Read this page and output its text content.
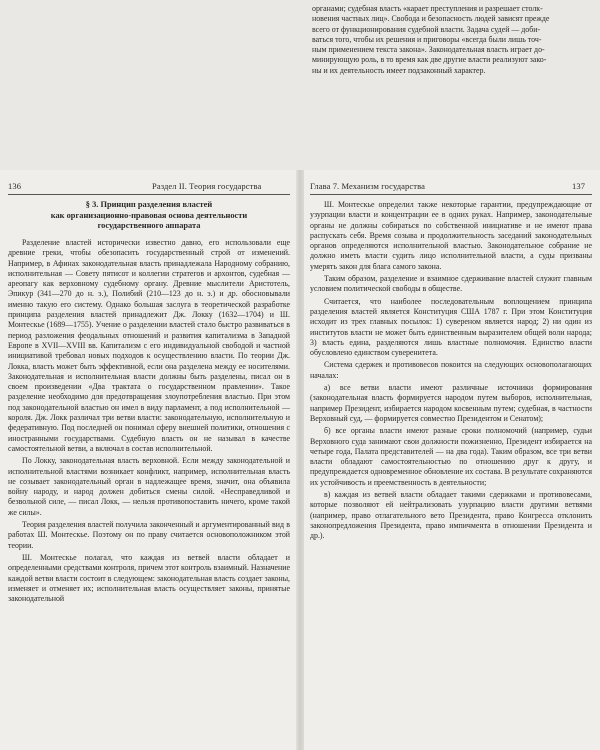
органами; судебная власть «карает преступления и разрешает столк-

новения частных лиц». Свобода и безопасность людей зависят прежде

всего от функционирования судебной власти. Задача судей — доби-

ваться того, чтобы их решения и приговоры «всегда были лишь точ-

ным применением текста закона». Законодательная власть играет до-

минирующую роль, в то время как две другие власти реализуют зако-

ны и их деятельность имеет подзаконный характер.

136	Раздел II. Теория государства
§ 3. Принцип разделения властей
как организационно-правовая основа деятельности
государственного аппарата

Разделение властей исторически известно давно, его использовали еще древние греки, чтобы обезопасить государственный строй от изменений. Например, в Афинах законодательная власть принадлежала Народному собранию, исполнительная — Совету пятисот и коллегии стратегов и архонтов, судебная — ареопагу как верховному судебному органу. Древние мыслители Аристотель, Эпикур (341—270 до н. э.), Полибий (210—123 до н. э.) и др. обосновывали именно такую его систему. Однако большая заслуга в теоретической разработке принципа разделения властей принадлежит Дж. Локку (1632—1704) и Ш. Монтескье (1689—1755). Учение о разделении властей стало быстро развиваться в период разложения феодальных отношений и развития капитализма в Западной Европе в XVII—XVIII вв. Капитализм с его индивидуальной свободой и частной инициативой требовал новых подходов к осуществлению власти. По теории Дж. Локка, власть может быть эффективной, если она разделена между ее носителями. Законодательная и исполнительная власти должны быть разделены, писал он в своем произведении «Два трактата о государственном правлении». Такое разделение необходимо для предотвращения злоупотребления властью. При этом под законодательной властью он имел в виду парламент, а под исполнительной — короля. Дж. Локк различал три ветви власти: законодательную, исполнительную и федеративную. Под последней он понимал сферу внешней политики, отношения с иностранными государствами. Судебную власть он не называл в качестве самостоятельной ветви, а включал в состав исполнительной.

По Локку, законодательная власть верховной. Если между законодательной и исполнительной властями возникает конфликт, например, исполнительная власть не созывает законодательный орган в надлежащее время, значит, она объявила войну народу, и народ должен добиться смены силой. «Несправедливой и безвольной силе, — писал Локк, — нельзя противопоставить ничего, кроме такой же силы».

Теория разделения властей получила законченный и аргументированный вид в работах Ш. Монтескье. Поэтому он по праву считается основоположником этой теории.

Ш. Монтескье полагал, что каждая из ветвей власти обладает и определенными средствами контроля, причем этот контроль взаимный. Назначение каждой ветви власти состоит в следующем: законодательная власть создает законы, изменяет и отменяет их; исполнительная власть осуществляет законы, принятые законодательной

Глава 7. Механизм государства	137

Ш. Монтескье определил также некоторые гарантии, предупреждающие от узурпации власти и концентрации ее в одних руках. Например, законодательные органы не должны собираться по собственной инициативе и не имеют права распускать себя. Время созыва и продолжительность заседаний законодательных органов определяются исполнительной властью. Законодательное собрание не должно иметь власти судить лицо исполнительной власти, а суды призваны умерять закон для блага самого закона.

Таким образом, разделение и взаимное сдерживание властей служит главным условием политической свободы в обществе.

Считается, что наиболее последовательным воплощением принципа разделения властей является Конституция США 1787 г. При этом Конституция исходит из трех главных посылок: 1) сувереном является народ; 2) ни один из институтов власти не может быть единственным выразителем общей воли народа; 3) власть едина, разделяются лишь властные полномочия. Единство власти обусловлено единством суверенитета.

Система сдержек и противовесов покоится на следующих основополагающих началах:

а) все ветви власти имеют различные источники формирования (законодательная власть формируется народом путем выборов, исполнительная, например Президент, избирается народом косвенным путем; судебная, в частности Верховный суд, — формируется совместно Президентом и Сенатом);

б) все органы власти имеют разные сроки полномочий (например, судьи Верховного суда занимают свои должности пожизненно, Президент избирается на четыре года, Палата представителей — на два года). Таким образом, все три ветви власти обладают самостоятельностью по отношению друг к другу, и предупреждается одновременное обновление их состава. В результате сохраняются их устойчивость и преемственность в деятельности;

в) каждая из ветвей власти обладает такими сдержками и противовесами, которые позволяют ей нейтрализовать узурпацию власти другими ветвями (например, право отлагательного вето Президента, право Конгресса отклонить законопредложения Президента, право импичмента в отношении Президента и др.).
